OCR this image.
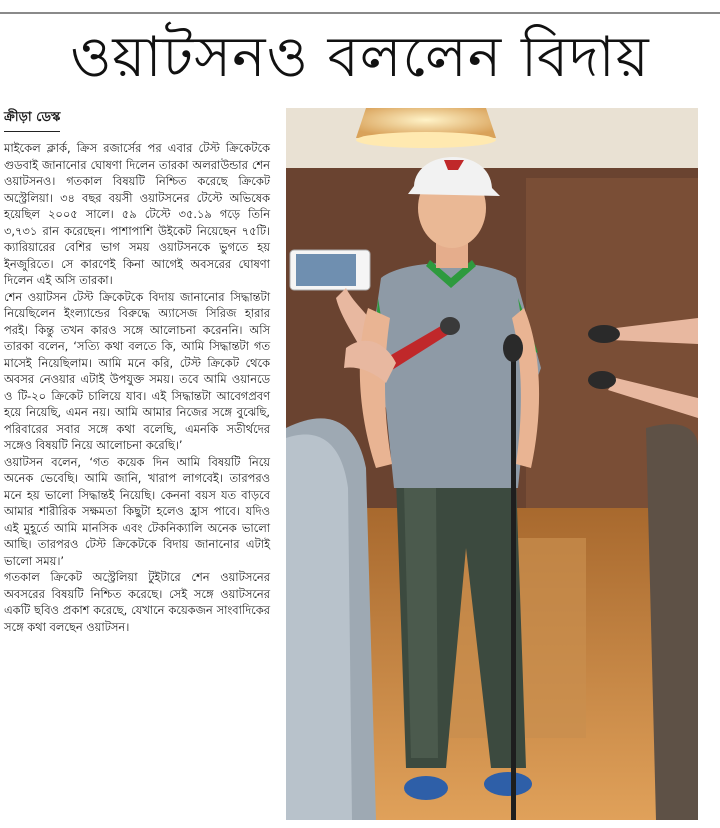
ওয়াটসনও বললেন বিদায়
ক্রীড়া ডেস্ক

মাইকেল ক্লার্ক, ক্রিস রজার্সের পর এবার টেস্ট ক্রিকেটকে গুডবাই জানানোর ঘোষণা দিলেন তারকা অলরাউন্ডার শেন ওয়াটসনও। গতকাল বিষয়টি নিশ্চিত করেছে ক্রিকেট অস্ট্রেলিয়া। ৩৪ বছর বয়সী ওয়াটসনের টেস্টে অভিষেক হয়েছিল ২০০৫ সালে। ৫৯ টেস্টে ৩৫.১৯ গড়ে তিনি ৩,৭৩১ রান করেছেন। পাশাপাশি উইকেট নিয়েছেন ৭৫টি। ক্যারিয়ারের বেশির ভাগ সময় ওয়াটসনকে ভুগতে হয় ইনজুরিতে। সে কারণেই কিনা আগেই অবসরের ঘোষণা দিলেন এই অসি তারকা।

শেন ওয়াটসন টেস্ট ক্রিকেটকে বিদায় জানানোর সিদ্ধান্তটা নিয়েছিলেন ইংল্যান্ডের বিরুদ্ধে অ্যাসেজ সিরিজ হারার পরই। কিন্তু তখন কারও সঙ্গে আলোচনা করেননি। অসি তারকা বলেন, ‘সত্যি কথা বলতে কি, আমি সিদ্ধান্তটা গত মাসেই নিয়েছিলাম। আমি মনে করি, টেস্ট ক্রিকেট থেকে অবসর নেওয়ার এটাই উপযুক্ত সময়। তবে আমি ওয়ানডে ও টি-২০ ক্রিকেট চালিয়ে যাব। এই সিদ্ধান্তটা আবেগপ্রবণ হয়ে নিয়েছি, এমন নয়। আমি আমার নিজের সঙ্গে বুঝেছি, পরিবারের সবার সঙ্গে কথা বলেছি, এমনকি সতীর্থদের সঙ্গেও বিষয়টি নিয়ে আলোচনা করেছি।’

ওয়াটসন বলেন, ‘গত কয়েক দিন আমি বিষয়টি নিয়ে অনেক ভেবেছি। আমি জানি, খারাপ লাগবেই। তারপরও মনে হয় ভালো সিদ্ধান্তই নিয়েছি। কেননা বয়স যত বাড়বে আমার শারীরিক সক্ষমতা কিছুটা হলেও হ্রাস পাবে। যদিও এই মুহূর্তে আমি মানসিক এবং টেকনিক্যালি অনেক ভালো আছি। তারপরও টেস্ট ক্রিকেটকে বিদায় জানানোর এটাই ভালো সময়।’

গতকাল ক্রিকেট অস্ট্রেলিয়া টুইটারে শেন ওয়াটসনের অবসরের বিষয়টি নিশ্চিত করেছে। সেই সঙ্গে ওয়াটসনের একটি ছবিও প্রকাশ করেছে, যেখানে কয়েকজন সাংবাদিকের সঙ্গে কথা বলছেন ওয়াটসন।
